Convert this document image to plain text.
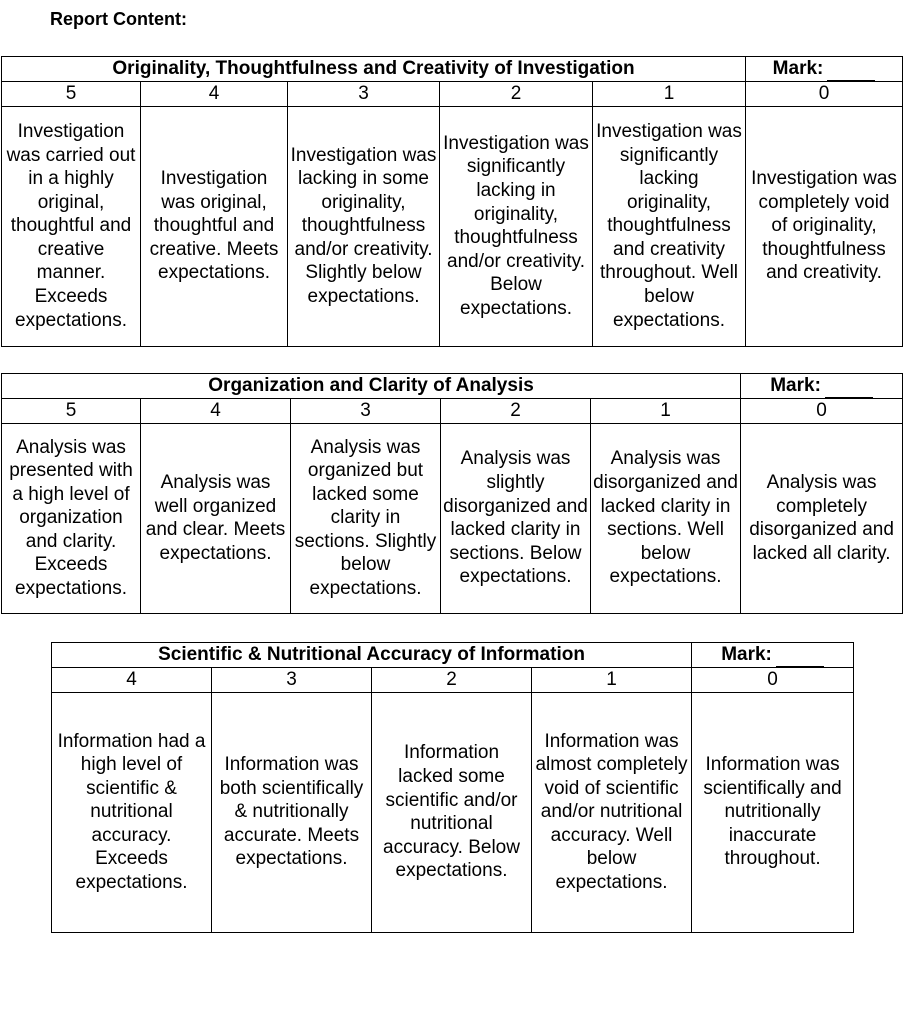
Report Content:
Originality, Thoughtfulness and Creativity of Investigation					Mark:
5	4	3	2	1	0
Investigation was carried out in a highly original, thoughtful and creative manner. Exceeds expectations.	Investigation was original, thoughtful and creative. Meets expectations.	Investigation was lacking in some originality, thoughtfulness and/or creativity. Slightly below expectations.	Investigation was significantly lacking in originality, thoughtfulness and/or creativity. Below expectations.	Investigation was significantly lacking originality, thoughtfulness and creativity throughout. Well below expectations.	Investigation was completely void of originality, thoughtfulness and creativity.
Organization and Clarity of Analysis					Mark:
5	4	3	2	1	0
Analysis was presented with a high level of organization and clarity. Exceeds expectations.	Analysis was well organized and clear. Meets expectations.	Analysis was organized but lacked some clarity in sections. Slightly below expectations.	Analysis was slightly disorganized and lacked clarity in sections. Below expectations.	Analysis was disorganized and lacked clarity in sections. Well below expectations.	Analysis was completely disorganized and lacked all clarity.
Scientific & Nutritional Accuracy of Information				Mark:
4	3	2	1	0
Information had a high level of scientific & nutritional accuracy. Exceeds expectations.	Information was both scientifically & nutritionally accurate. Meets expectations.	Information lacked some scientific and/or nutritional accuracy. Below expectations.	Information was almost completely void of scientific and/or nutritional accuracy. Well below expectations.	Information was scientifically and nutritionally inaccurate throughout.
